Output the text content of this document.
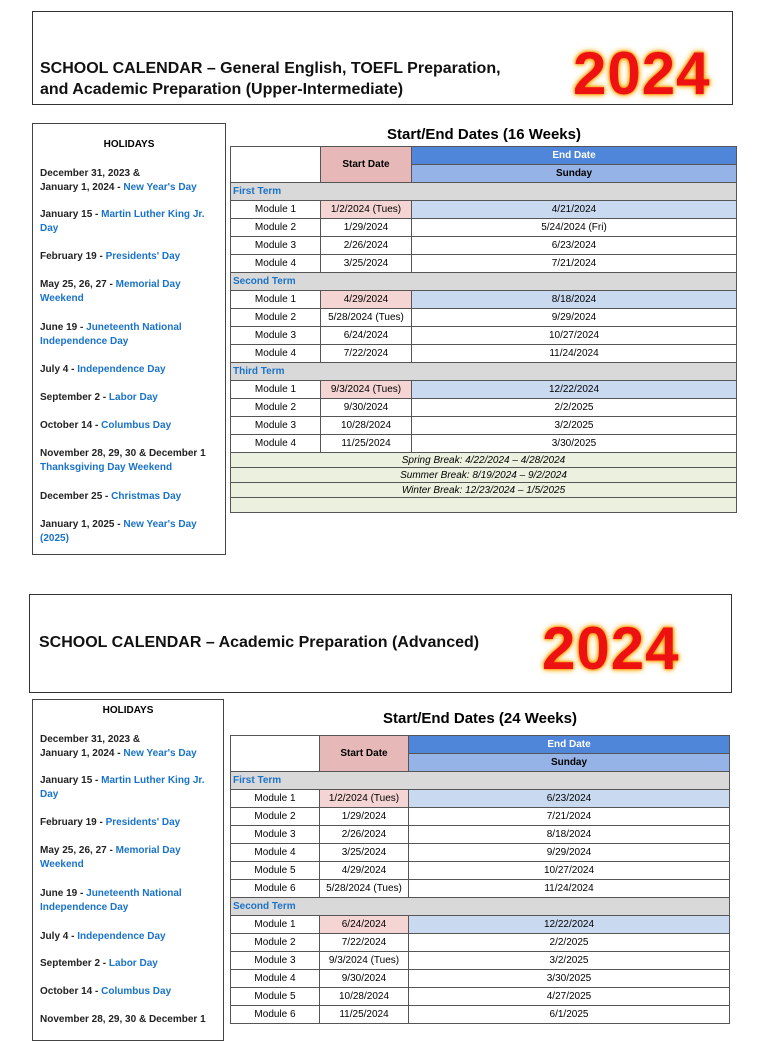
SCHOOL CALENDAR – General English, TOEFL Preparation,
and Academic Preparation (Upper-Intermediate)	2024
HOLIDAYS
December 31, 2023 &
January 1, 2024 - New Year's Day
January 15 - Martin Luther King Jr.
Day
February 19 - Presidents' Day
May 25, 26, 27 - Memorial Day
Weekend
June 19 - Juneteenth National
Independence Day
July 4 - Independence Day
September 2 - Labor Day
October 14 - Columbus Day
November 28, 29, 30 & December 1
Thanksgiving Day Weekend
December 25 - Christmas Day
January 1, 2025 - New Year's Day (2025)
Start/End Dates (16 Weeks)
	Start Date	End Date
		Sunday
First Term		
Module 1	1/2/2024 (Tues)	4/21/2024
Module 2	1/29/2024	5/24/2024 (Fri)
Module 3	2/26/2024	6/23/2024
Module 4	3/25/2024	7/21/2024
Second Term		
Module 1	4/29/2024	8/18/2024
Module 2	5/28/2024 (Tues)	9/29/2024
Module 3	6/24/2024	10/27/2024
Module 4	7/22/2024	11/24/2024
Third Term		
Module 1	9/3/2024 (Tues)	12/22/2024
Module 2	9/30/2024	2/2/2025
Module 3	10/28/2024	3/2/2025
Module 4	11/25/2024	3/30/2025
Spring Break: 4/22/2024 – 4/28/2024		
Summer Break: 8/19/2024 – 9/2/2024		
Winter Break: 12/23/2024 – 1/5/2025		

SCHOOL CALENDAR – Academic Preparation (Advanced) 2024
HOLIDAYS
December 31, 2023 &
January 1, 2024 - New Year's Day
January 15 - Martin Luther King Jr.
Day
February 19 - Presidents' Day
May 25, 26, 27 - Memorial Day
Weekend
June 19 - Juneteenth National
Independence Day
July 4 - Independence Day
September 2 - Labor Day
October 14 - Columbus Day
November 28, 29, 30 & December 1
Start/End Dates (24 Weeks)
	Start Date	End Date
		Sunday
First Term		
Module 1	1/2/2024 (Tues)	6/23/2024
Module 2	1/29/2024	7/21/2024
Module 3	2/26/2024	8/18/2024
Module 4	3/25/2024	9/29/2024
Module 5	4/29/2024	10/27/2024
Module 6	5/28/2024 (Tues)	11/24/2024
Second Term		
Module 1	6/24/2024	12/22/2024
Module 2	7/22/2024	2/2/2025
Module 3	9/3/2024 (Tues)	3/2/2025
Module 4	9/30/2024	3/30/2025
Module 5	10/28/2024	4/27/2025
Module 6	11/25/2024	6/1/2025
